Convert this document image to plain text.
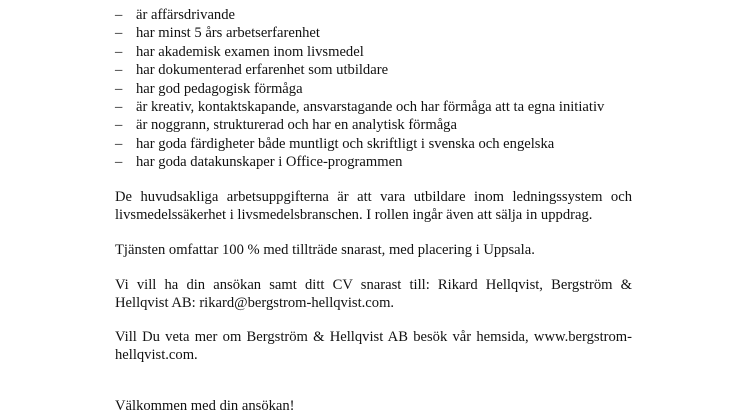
– är affärsdrivande
– har minst 5 års arbetserfarenhet
– har akademisk examen inom livsmedel
– har dokumenterad erfarenhet som utbildare
– har god pedagogisk förmåga
– är kreativ, kontaktskapande, ansvarstagande och har förmåga att ta egna initiativ
– är noggrann, strukturerad och har en analytisk förmåga
– har goda färdigheter både muntligt och skriftligt i svenska och engelska
– har goda datakunskaper i Office-programmen

De huvudsakliga arbetsuppgifterna är att vara utbildare inom ledningssystem och
livsmedelssäkerhet i livsmedelsbranschen. I rollen ingår även att sälja in uppdrag.

Tjänsten omfattar 100 % med tillträde snarast, med placering i Uppsala.

Vi vill ha din ansökan samt ditt CV snarast till: Rikard Hellqvist, Bergström &
Hellqvist AB: rikard@bergstrom-hellqvist.com.

Vill Du veta mer om Bergström & Hellqvist AB besök vår hemsida, www.bergstrom-
hellqvist.com.

Välkommen med din ansökan!
